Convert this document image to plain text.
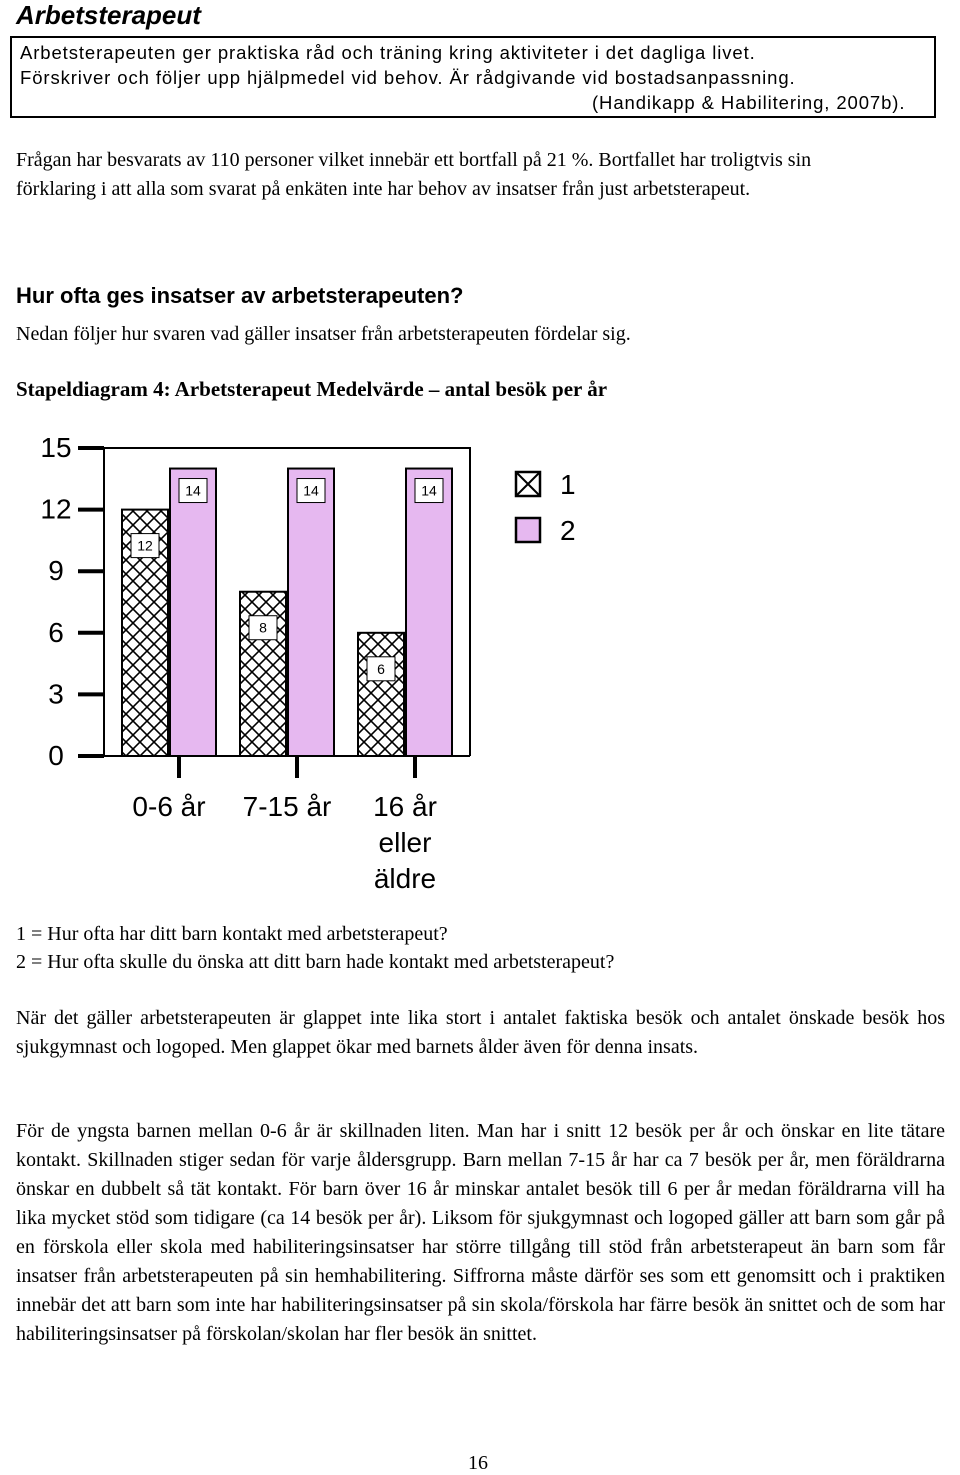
Arbetsterapeut
Arbetsterapeuten ger praktiska råd och träning kring aktiviteter i det dagliga livet.
Förskriver och följer upp hjälpmedel vid behov. Är rådgivande vid bostadsanpassning.
(Handikapp & Habilitering, 2007b).
Frågan har besvarats av 110 personer vilket innebär ett bortfall på 21 %. Bortfallet har troligtvis sin förklaring i att alla som svarat på enkäten inte har behov av insatser från just arbetsterapeut.
Hur ofta ges insatser av arbetsterapeuten?
Nedan följer hur svaren vad gäller insatser från arbetsterapeuten fördelar sig.
Stapeldiagram 4: Arbetsterapeut Medelvärde – antal besök per år
0
3
6
9
12
15
12
14
0-6 år
8
14
7-15 år
6
14
16 år
eller
äldre
1
2
1 = Hur ofta har ditt barn kontakt med arbetsterapeut?
2 = Hur ofta skulle du önska att ditt barn hade kontakt med arbetsterapeut?
När det gäller arbetsterapeuten är glappet inte lika stort i antalet faktiska besök och antalet önskade besök hos sjukgymnast och logoped. Men glappet ökar med barnets ålder även för denna insats.
För de yngsta barnen mellan 0-6 år är skillnaden liten. Man har i snitt 12 besök per år och önskar en lite tätare kontakt. Skillnaden stiger sedan för varje åldersgrupp. Barn mellan 7-15 år har ca 7 besök per år, men föräldrarna önskar en dubbelt så tät kontakt. För barn över 16 år minskar antalet besök till 6 per år medan föräldrarna vill ha lika mycket stöd som tidigare (ca 14 besök per år). Liksom för sjukgymnast och logoped gäller att barn som går på en förskola eller skola med habiliteringsinsatser har större tillgång till stöd från arbetsterapeut än barn som får insatser från arbetsterapeuten på sin hemhabilitering. Siffrorna måste därför ses som ett genomsitt och i praktiken innebär det att barn som inte har habiliteringsinsatser på sin skola/förskola har färre besök än snittet och de som har habiliteringsinsatser på förskolan/skolan har fler besök än snittet.
16
